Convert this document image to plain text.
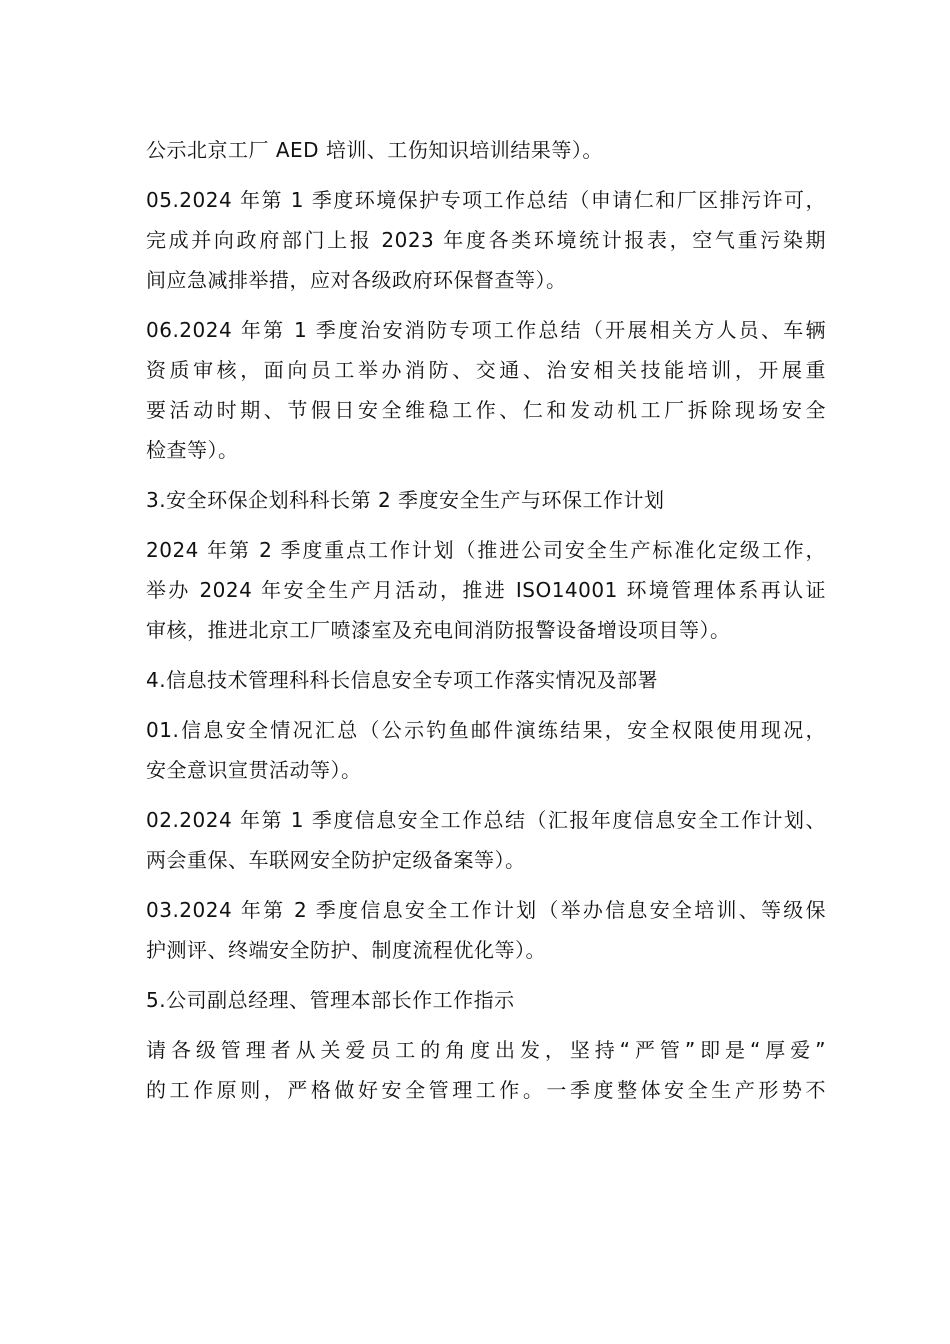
公示北京工厂 AED 培训、工伤知识培训结果等）。

05.2024 年第 1 季度环境保护专项工作总结（申请仁和厂区排污许可，

完成并向政府部门上报 2023 年度各类环境统计报表，空气重污染期

间应急减排举措，应对各级政府环保督查等）。

06.2024 年第 1 季度治安消防专项工作总结（开展相关方人员、车辆

资质审核，面向员工举办消防、交通、治安相关技能培训，开展重

要活动时期、节假日安全维稳工作、仁和发动机工厂拆除现场安全

检查等）。

3.安全环保企划科科长第 2 季度安全生产与环保工作计划

2024 年第 2 季度重点工作计划（推进公司安全生产标准化定级工作，

举办 2024 年安全生产月活动，推进 ISO14001 环境管理体系再认证

审核，推进北京工厂喷漆室及充电间消防报警设备增设项目等）。

4.信息技术管理科科长信息安全专项工作落实情况及部署

01.信息安全情况汇总（公示钓鱼邮件演练结果，安全权限使用现况，

安全意识宣贯活动等）。

02.2024 年第 1 季度信息安全工作总结（汇报年度信息安全工作计划、

两会重保、车联网安全防护定级备案等）。

03.2024 年第 2 季度信息安全工作计划（举办信息安全培训、等级保

护测评、终端安全防护、制度流程优化等）。

5.公司副总经理、管理本部长作工作指示

请各级管理者从关爱员工的角度出发，坚持“严管”即是“厚爱”

的工作原则，严格做好安全管理工作。一季度整体安全生产形势不
